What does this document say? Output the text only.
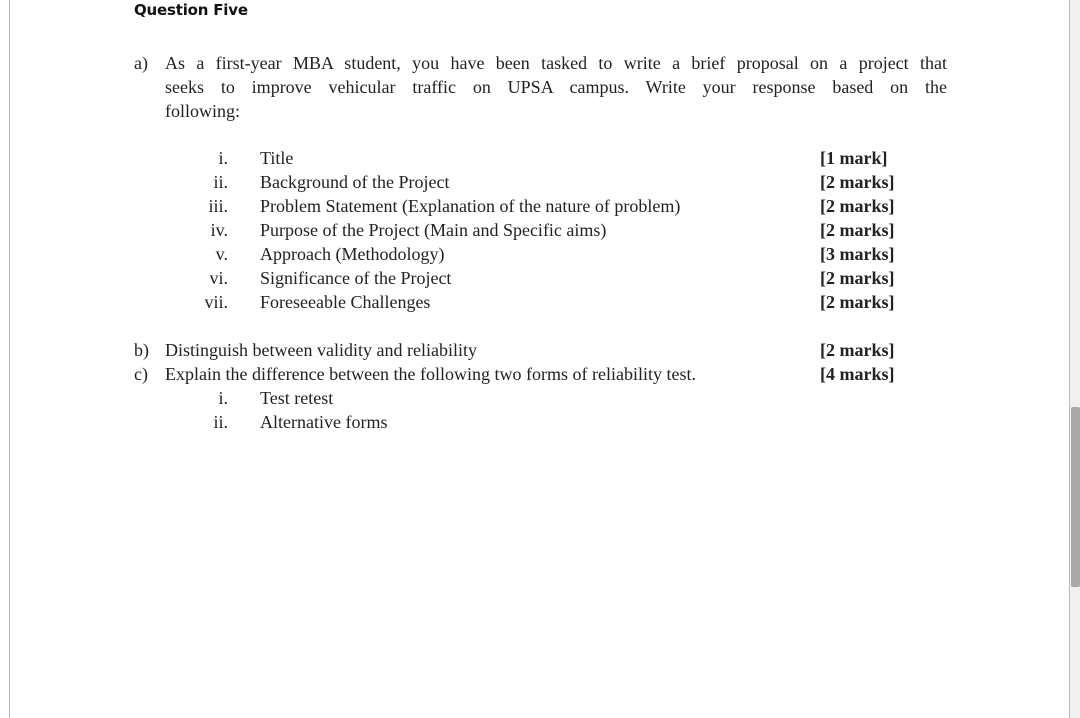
Question Five
a) As a first-year MBA student, you have been tasked to write a brief proposal on a project that
seeks to improve vehicular traffic on UPSA campus. Write your response based on the
following:
i. Title	[1 mark]
ii. Background of the Project	[2 marks]
iii. Problem Statement (Explanation of the nature of problem)	[2 marks]
iv. Purpose of the Project (Main and Specific aims)	[2 marks]
v. Approach (Methodology)	[3 marks]
vi. Significance of the Project	[2 marks]
vii. Foreseeable Challenges	[2 marks]
b) Distinguish between validity and reliability	[2 marks]
c) Explain the difference between the following two forms of reliability test.	[4 marks]
i. Test retest
ii. Alternative forms
